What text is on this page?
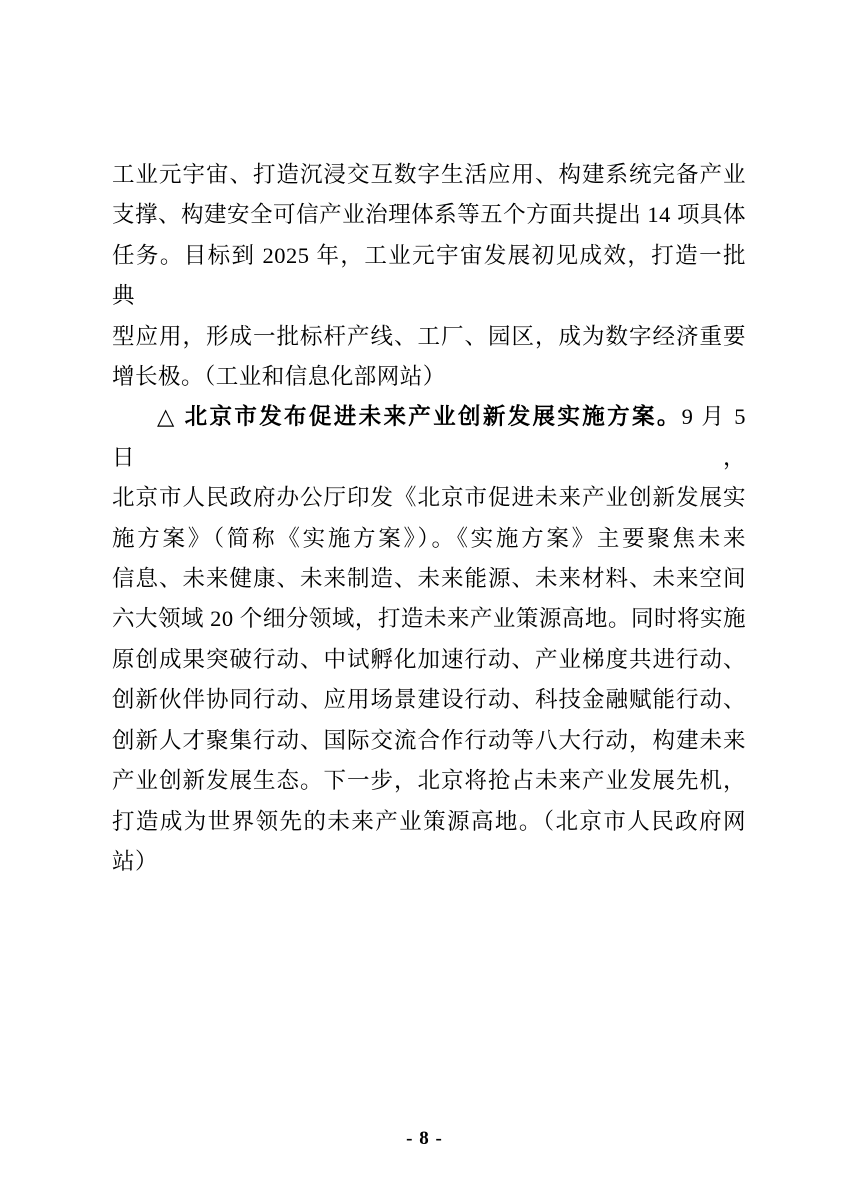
工业元宇宙、打造沉浸交互数字生活应用、构建系统完备产业
支撑、构建安全可信产业治理体系等五个方面共提出 14 项具体
任务。目标到 2025 年，工业元宇宙发展初见成效，打造一批典
型应用，形成一批标杆产线、工厂、园区，成为数字经济重要
增长极。（工业和信息化部网站）
△ 北京市发布促进未来产业创新发展实施方案。9 月 5 日，
北京市人民政府办公厅印发《北京市促进未来产业创新发展实
施方案》（简称《实施方案》）。《实施方案》主要聚焦未来
信息、未来健康、未来制造、未来能源、未来材料、未来空间
六大领域 20 个细分领域，打造未来产业策源高地。同时将实施
原创成果突破行动、中试孵化加速行动、产业梯度共进行动、
创新伙伴协同行动、应用场景建设行动、科技金融赋能行动、
创新人才聚集行动、国际交流合作行动等八大行动，构建未来
产业创新发展生态。下一步，北京将抢占未来产业发展先机，
打造成为世界领先的未来产业策源高地。（北京市人民政府网
站）
- 8 -
